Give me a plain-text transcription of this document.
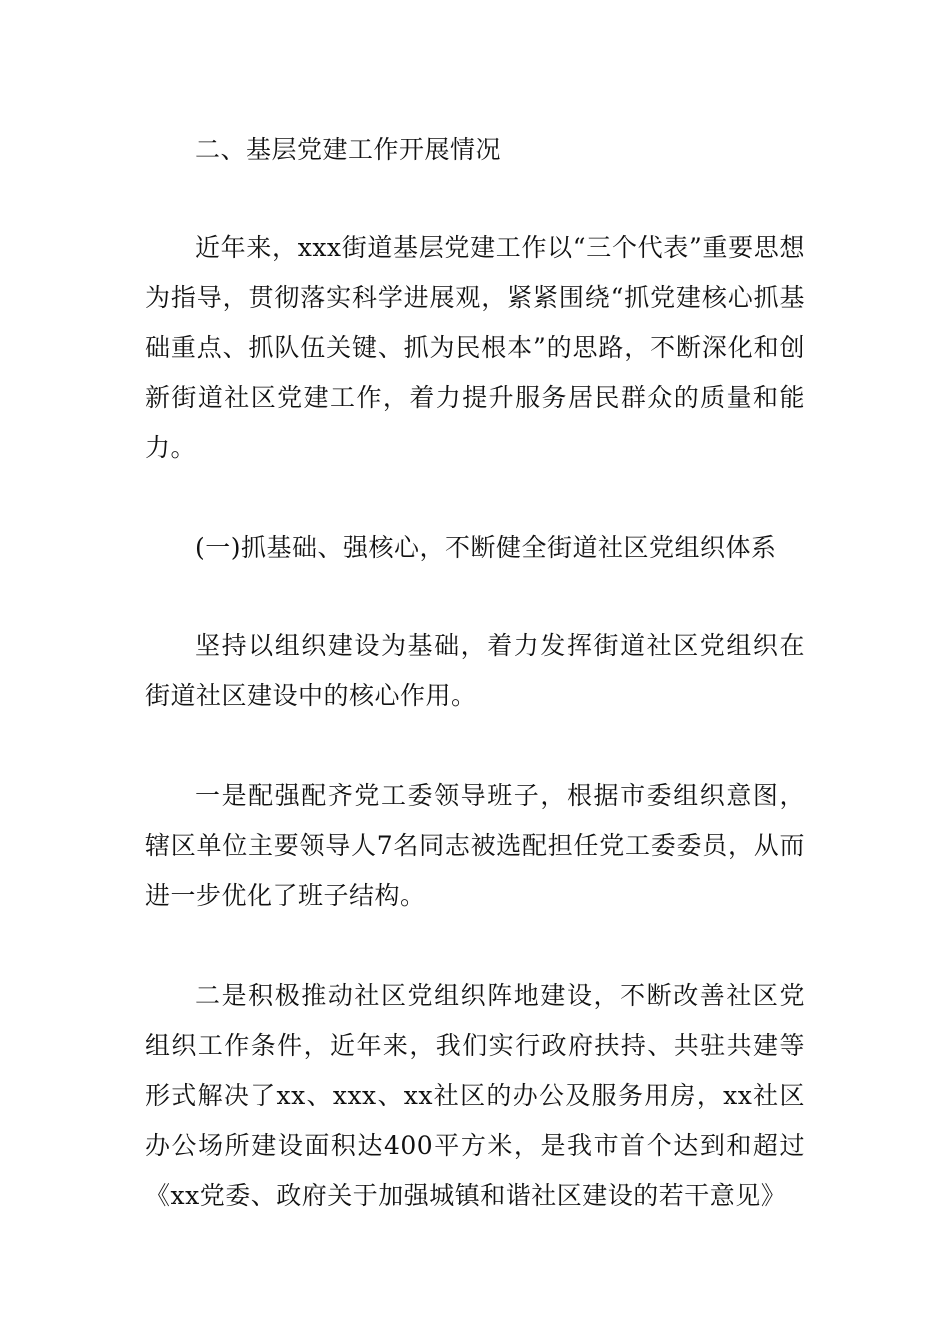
二、基层党建工作开展情况

近年来，xxx街道基层党建工作以“三个代表”重要思想为指导，贯彻落实科学进展观，紧紧围绕“抓党建核心抓基础重点、抓队伍关键、抓为民根本”的思路，不断深化和创新街道社区党建工作，着力提升服务居民群众的质量和能力。

(一)抓基础、强核心，不断健全街道社区党组织体系

坚持以组织建设为基础，着力发挥街道社区党组织在街道社区建设中的核心作用。

一是配强配齐党工委领导班子，根据市委组织意图，辖区单位主要领导人7名同志被选配担任党工委委员，从而进一步优化了班子结构。

二是积极推动社区党组织阵地建设，不断改善社区党组织工作条件，近年来，我们实行政府扶持、共驻共建等形式解决了xx、xxx、xx社区的办公及服务用房，xx社区办公场所建设面积达400平方米，是我市首个达到和超过《xx党委、政府关于加强城镇和谐社区建设的若干意见》
